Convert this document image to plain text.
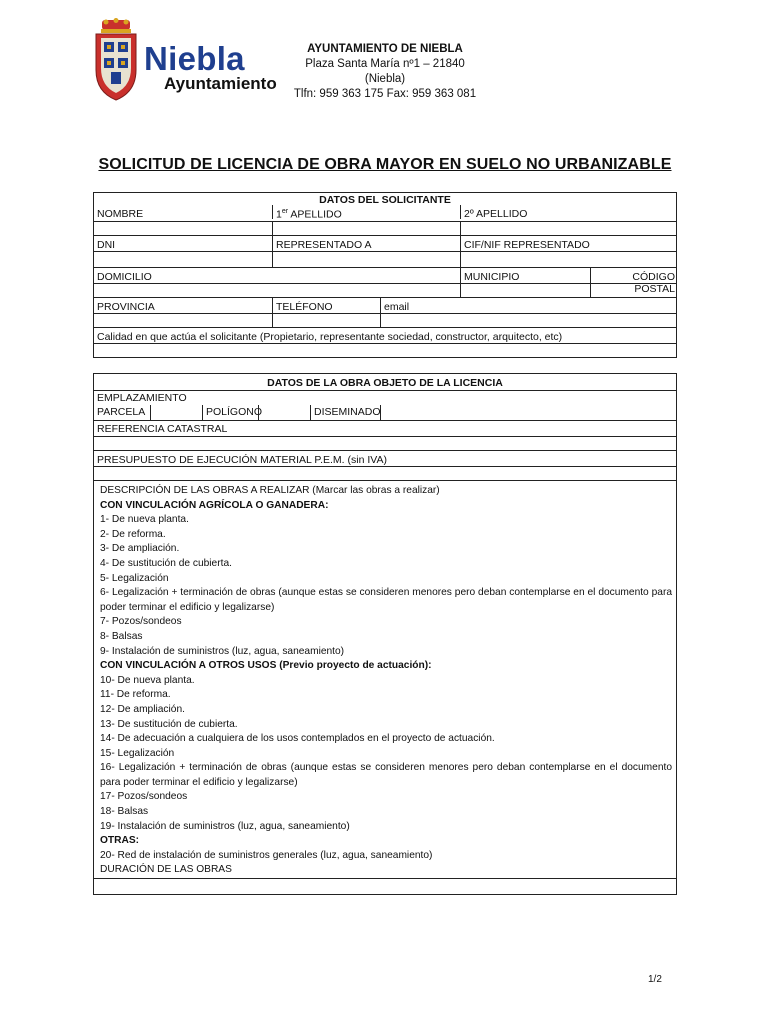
Niebla
Ayuntamiento
AYUNTAMIENTO DE NIEBLA
Plaza Santa María nº1 – 21840 (Niebla)
Tlfn: 959 363 175 Fax: 959 363 081
SOLICITUD DE LICENCIA DE OBRA MAYOR EN SUELO NO URBANIZABLE
DATOS DEL SOLICITANTE
NOMBRE	1er APELLIDO	2º APELLIDO
DNI	REPRESENTADO A	CIF/NIF REPRESENTADO
DOMICILIO	MUNICIPIO	CÓDIGO POSTAL
PROVINCIA	TELÉFONO	email
Calidad en que actúa el solicitante (Propietario, representante sociedad, constructor, arquitecto, etc)
DATOS DE LA OBRA OBJETO DE LA LICENCIA
EMPLAZAMIENTO
PARCELA	POLÍGONO	DISEMINADO
REFERENCIA CATASTRAL
PRESUPUESTO DE EJECUCIÓN MATERIAL P.E.M. (sin IVA)
DESCRIPCIÓN DE LAS OBRAS A REALIZAR (Marcar las obras a realizar)
CON VINCULACIÓN AGRÍCOLA O GANADERA:
1- De nueva planta.
2- De reforma.
3- De ampliación.
4- De sustitución de cubierta.
5- Legalización
6- Legalización + terminación de obras (aunque estas se consideren menores pero deban contemplarse en el documento para poder terminar el edificio y legalizarse)
7- Pozos/sondeos
8- Balsas
9- Instalación de suministros (luz, agua, saneamiento)
CON VINCULACIÓN A OTROS USOS (Previo proyecto de actuación):
10- De nueva planta.
11- De reforma.
12- De ampliación.
13- De sustitución de cubierta.
14- De adecuación a cualquiera de los usos contemplados en el proyecto de actuación.
15- Legalización
16- Legalización + terminación de obras (aunque estas se consideren menores pero deban contemplarse en el documento para poder terminar el edificio y legalizarse)
17- Pozos/sondeos
18- Balsas
19- Instalación de suministros (luz, agua, saneamiento)
OTRAS:
20- Red de instalación de suministros generales (luz, agua, saneamiento)
DURACIÓN DE LAS OBRAS
1/2
